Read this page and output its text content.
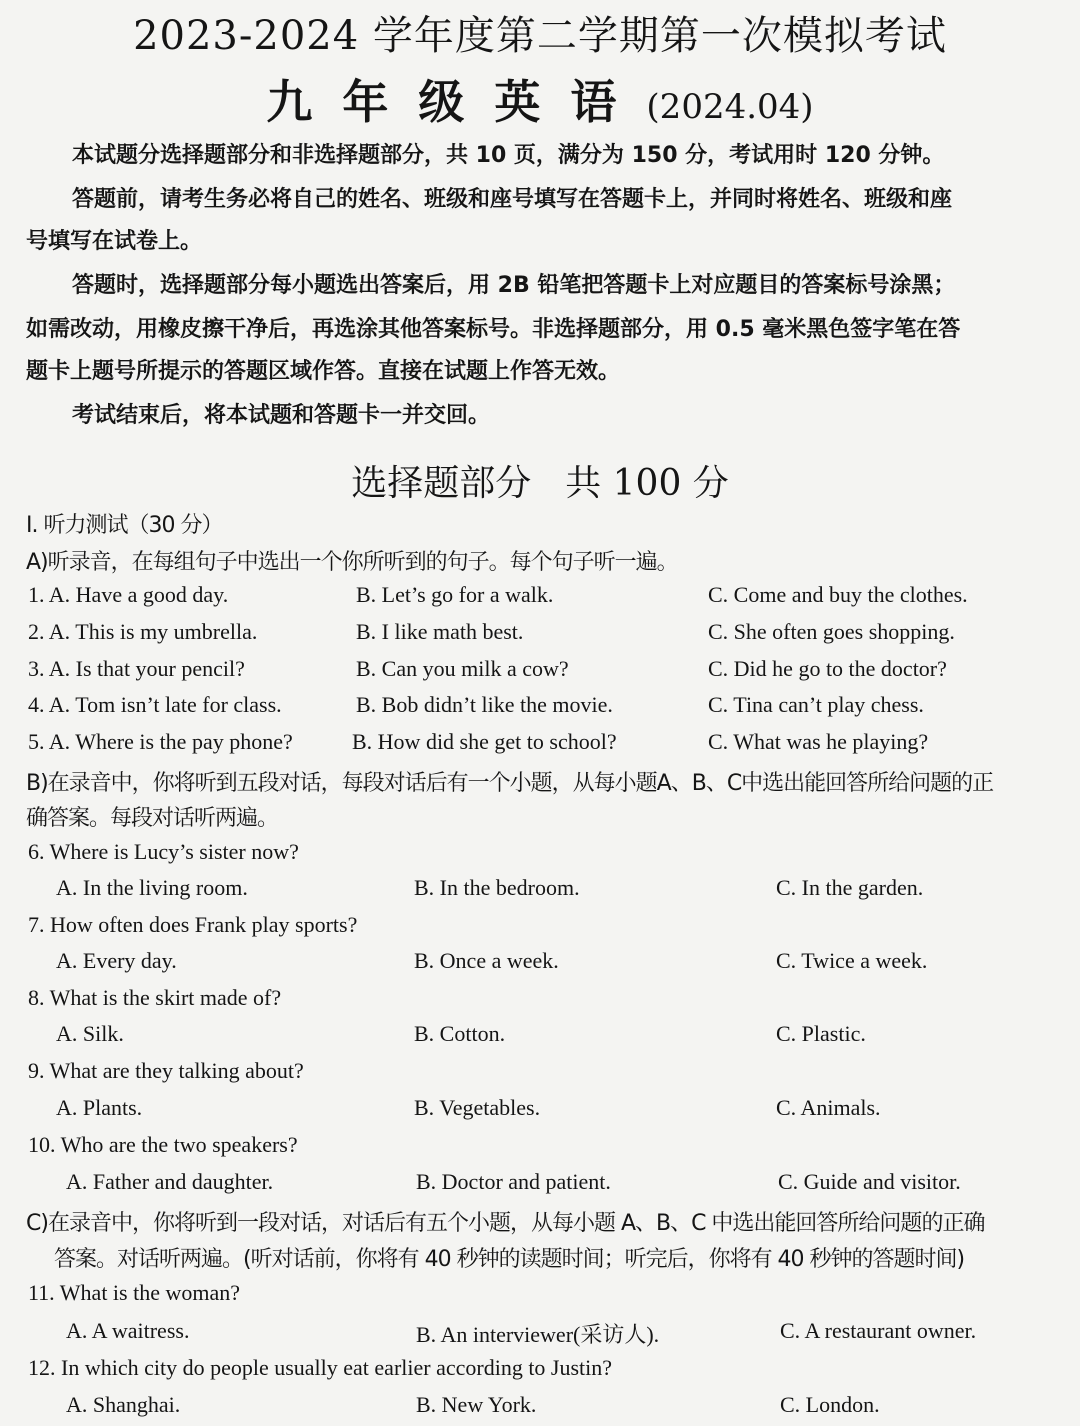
2023-2024 学年度第二学期第一次模拟考试
九年级英语(2024.04)
本试题分选择题部分和非选择题部分，共 10 页，满分为 150 分，考试用时 120 分钟。
答题前，请考生务必将自己的姓名、班级和座号填写在答题卡上，并同时将姓名、班级和座
号填写在试卷上。
答题时，选择题部分每小题选出答案后，用 2B 铅笔把答题卡上对应题目的答案标号涂黑；
如需改动，用橡皮擦干净后，再选涂其他答案标号。非选择题部分，用 0.5 毫米黑色签字笔在答
题卡上题号所提示的答题区域作答。直接在试题上作答无效。
考试结束后，将本试题和答题卡一并交回。
选择题部分 共 100 分
I. 听力测试（30 分）
A)听录音，在每组句子中选出一个你所听到的句子。每个句子听一遍。
1. A. Have a good day.	B. Let’s go for a walk.	C. Come and buy the clothes.
2. A. This is my umbrella.	B. I like math best.	C. She often goes shopping.
3. A. Is that your pencil?	B. Can you milk a cow?	C. Did he go to the doctor?
4. A. Tom isn’t late for class.	B. Bob didn’t like the movie.	C. Tina can’t play chess.
5. A. Where is the pay phone?	B. How did she get to school?	C. What was he playing?
B)在录音中，你将听到五段对话，每段对话后有一个小题，从每小题A、B、C中选出能回答所给问题的正
确答案。每段对话听两遍。
6. Where is Lucy’s sister now?
A. In the living room.	B. In the bedroom.	C. In the garden.
7. How often does Frank play sports?
A. Every day.	B. Once a week.	C. Twice a week.
8. What is the skirt made of?
A. Silk.	B. Cotton.	C. Plastic.
9. What are they talking about?
A. Plants.	B. Vegetables.	C. Animals.
10. Who are the two speakers?
A. Father and daughter.	B. Doctor and patient.	C. Guide and visitor.
C)在录音中，你将听到一段对话，对话后有五个小题，从每小题 A、B、C 中选出能回答所给问题的正确
答案。对话听两遍。(听对话前，你将有 40 秒钟的读题时间；听完后，你将有 40 秒钟的答题时间)
11. What is the woman?
A. A waitress.	B. An interviewer(采访人).	C. A restaurant owner.
12. In which city do people usually eat earlier according to Justin?
A. Shanghai.	B. New York.	C. London.
